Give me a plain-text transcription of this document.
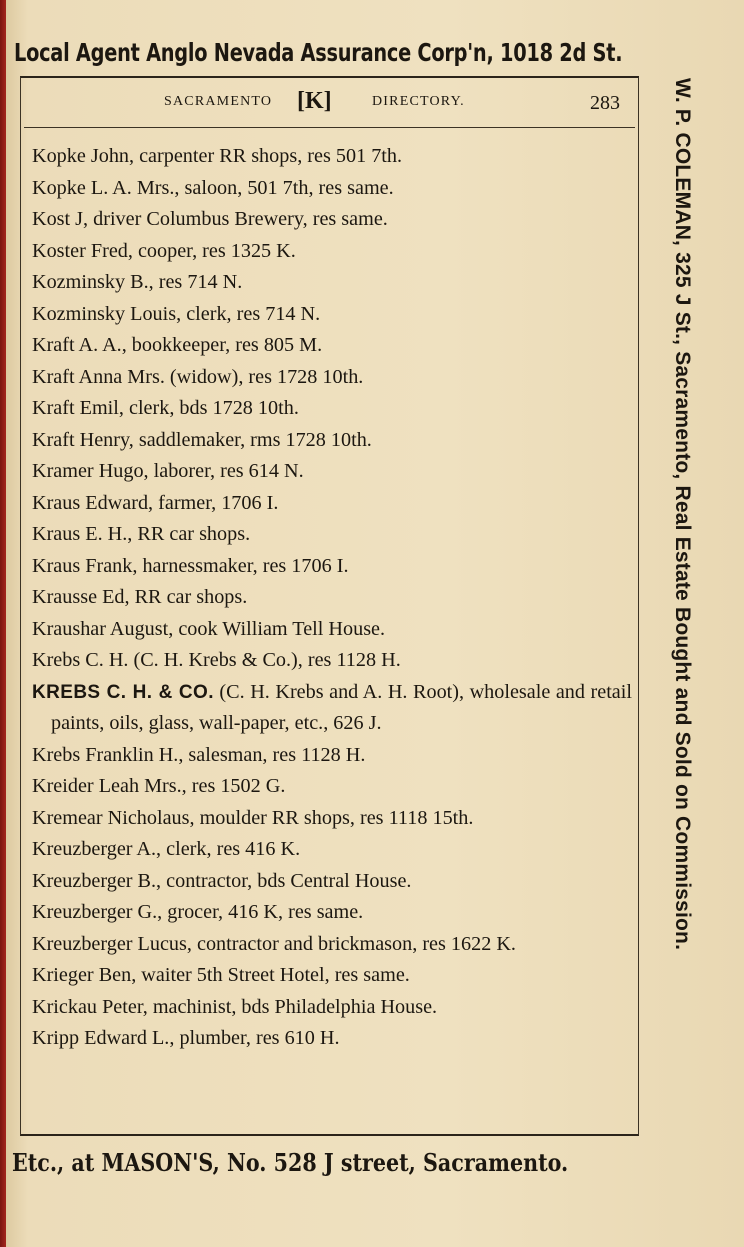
Local Agent Anglo Nevada Assurance Corp'n, 1018 2d St.
SACRAMENTO [K]	DIRECTORY.	283
Kopke John, carpenter RR shops, res 501 7th.
Kopke L. A. Mrs., saloon, 501 7th, res same.
Kost J, driver Columbus Brewery, res same.
Koster Fred, cooper, res 1325 K.
Kozminsky B., res 714 N.
Kozminsky Louis, clerk, res 714 N.
Kraft A. A., bookkeeper, res 805 M.
Kraft Anna Mrs. (widow), res 1728 10th.
Kraft Emil, clerk, bds 1728 10th.
Kraft Henry, saddlemaker, rms 1728 10th.
Kramer Hugo, laborer, res 614 N.
Kraus Edward, farmer, 1706 I.
Kraus E. H., RR car shops.
Kraus Frank, harnessmaker, res 1706 I.
Krausse Ed, RR car shops.
Kraushar August, cook William Tell House.
Krebs C. H. (C. H. Krebs & Co.), res 1128 H.
KREBS C. H. & CO. (C. H. Krebs and A. H. Root), wholesale and retail paints, oils, glass, wall-paper, etc., 626 J.
Krebs Franklin H., salesman, res 1128 H.
Kreider Leah Mrs., res 1502 G.
Kremear Nicholaus, moulder RR shops, res 1118 15th.
Kreuzberger A., clerk, res 416 K.
Kreuzberger B., contractor, bds Central House.
Kreuzberger G., grocer, 416 K, res same.
Kreuzberger Lucus, contractor and brickmason, res 1622 K.
Krieger Ben, waiter 5th Street Hotel, res same.
Krickau Peter, machinist, bds Philadelphia House.
Kripp Edward L., plumber, res 610 H.
W. P. COLEMAN, 325 J St., Sacramento, Real Estate Bought and Sold on Commission.
Etc., at MASON'S, No. 528 J street, Sacramento.
